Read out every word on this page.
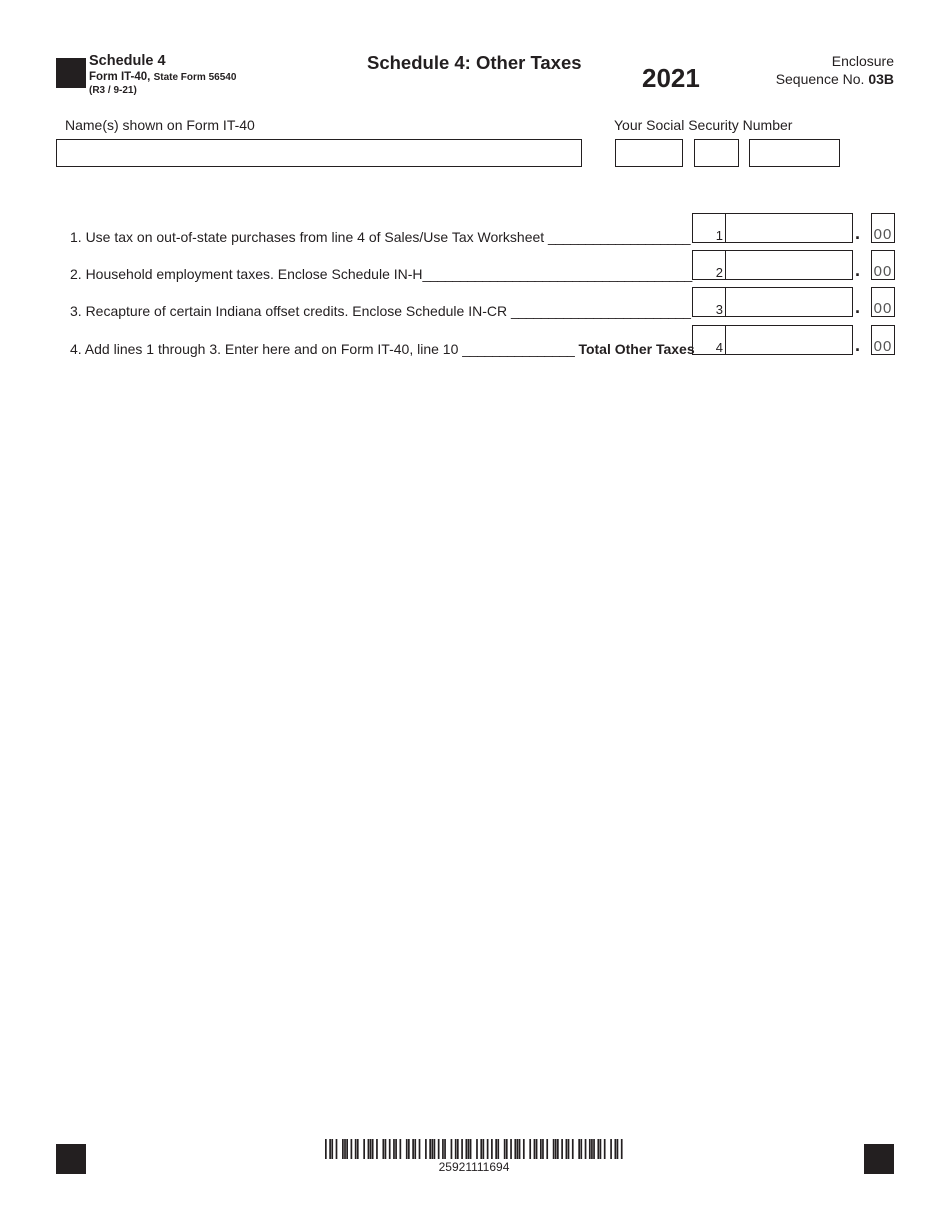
Schedule 4
Form IT-40, State Form 56540
(R3 / 9-21)
Schedule 4: Other Taxes
2021
Enclosure
Sequence No. 03B
Name(s) shown on Form IT-40	Your Social Security Number
1. Use tax on out-of-state purchases from line 4 of Sales/Use Tax Worksheet ___________________	1	. 00
2. Household employment taxes. Enclose Schedule IN-H____________________________________	2	. 00
3. Recapture of certain Indiana offset credits. Enclose Schedule IN-CR ________________________	3	. 00
4. Add lines 1 through 3. Enter here and on Form IT-40, line 10 _______________ Total Other Taxes	4	. 00
25921111694
